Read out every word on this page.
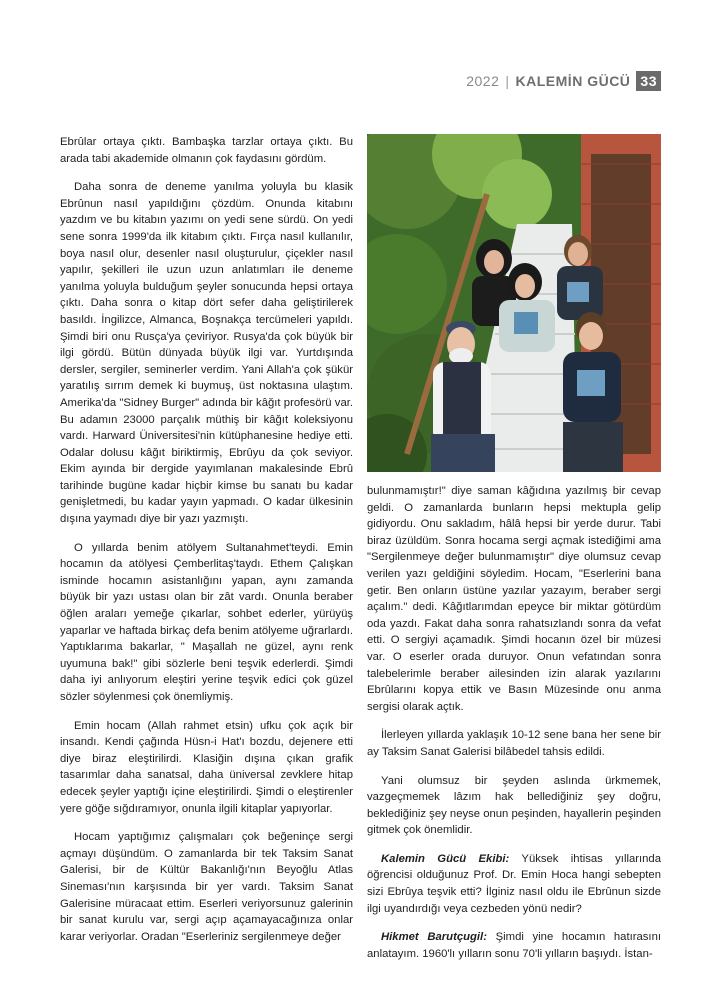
2022 | KALEMİN GÜCÜ 33

Ebrûlar ortaya çıktı. Bambaşka tarzlar ortaya çıktı. Bu arada tabi akademide olmanın çok faydasını gördüm.

Daha sonra de deneme yanılma yoluyla bu klasik Ebrûnun nasıl yapıldığını çözdüm. Onunda kitabını yazdım ve bu kitabın yazımı on yedi sene sürdü. On yedi sene sonra 1999'da ilk kitabım çıktı. Fırça nasıl kullanılır, boya nasıl olur, desenler nasıl oluşturulur, çiçekler nasıl yapılır, şekilleri ile uzun uzun anlatımları ile deneme yanılma yoluyla bulduğum şeyler sonucunda hepsi ortaya çıktı. Daha sonra o kitap dört sefer daha geliştirilerek basıldı. İngilizce, Almanca, Boşnakça tercümeleri yapıldı. Şimdi biri onu Rusça'ya çeviriyor. Rusya'da çok büyük bir ilgi gördü. Bütün dünyada büyük ilgi var. Yurtdışında dersler, sergiler, seminerler verdim. Yani Allah'a çok şükür yaratılış sırrım demek ki buymuş, üst noktasına ulaştım. Amerika'da "Sidney Burger" adında bir kâğıt profesörü var. Bu adamın 23000 parçalık müthiş bir kâğıt koleksiyonu vardı. Harward Üniversitesi'nin kütüphanesine hediye etti. Odalar dolusu kâğıt biriktirmiş, Ebrûyu da çok seviyor. Ekim ayında bir dergide yayımlanan makalesinde Ebrû tarihinde bugüne kadar hiçbir kimse bu sanatı bu kadar genişletmedi, bu kadar yayın yapmadı. O kadar ülkesinin dışına yaymadı diye bir yazı yazmıştı.

O yıllarda benim atölyem Sultanahmet'teydi. Emin hocamın da atölyesi Çemberlitaş'taydı. Ethem Çalışkan isminde hocamın asistanlığını yapan, aynı zamanda büyük bir yazı ustası olan bir zât vardı. Onunla beraber öğlen araları yemeğe çıkarlar, sohbet ederler, yürüyüş yaparlar ve haftada birkaç defa benim atölyeme uğrarlardı. Yaptıklarıma bakarlar, " Maşallah ne güzel, aynı renk uyumuna bak!" gibi sözlerle beni teşvik ederlerdi. Şimdi daha iyi anlıyorum eleştiri yerine teşvik edici çok güzel sözler söylenmesi çok önemliymiş.

Emin hocam (Allah rahmet etsin) ufku çok açık bir insandı. Kendi çağında Hüsn-i Hat'ı bozdu, dejenere etti diye biraz eleştirilirdi. Klasiğin dışına çıkan grafik tasarımlar daha sanatsal, daha üniversal zevklere hitap edecek şeyler yaptığı içine eleştirilirdi. Şimdi o eleştirenler yere göğe sığdıramıyor, onunla ilgili kitaplar yapıyorlar.

Hocam yaptığımız çalışmaları çok beğeninçe sergi açmayı düşündüm. O zamanlarda bir tek Taksim Sanat Galerisi, bir de Kültür Bakanlığı'nın Beyoğlu Atlas Sineması'nın karşısında bir yer vardı. Taksim Sanat Galerisine müracaat ettim. Eserleri veriyorsunuz galerinin bir sanat kurulu var, sergi açıp açamayacağınıza onlar karar veriyorlar. Oradan "Eserleriniz sergilenmeye değer

bulunmamıştır!" diye saman kâğıdına yazılmış bir cevap geldi. O zamanlarda bunların hepsi mektupla gelip gidiyordu. Onu sakladım, hâlâ hepsi bir yerde durur. Tabi biraz üzüldüm. Sonra hocama sergi açmak istediğimi ama "Sergilenmeye değer bulunmamıştır" diye olumsuz cevap verilen yazı geldiğini söyledim. Hocam, "Eserlerini bana getir. Ben onların üstüne yazılar yazayım, beraber sergi açalım." dedi. Kâğıtlarımdan epeyce bir miktar götürdüm oda yazdı. Fakat daha sonra rahatsızlandı sonra da vefat etti. O sergiyi açamadık. Şimdi hocanın özel bir müzesi var. O eserler orada duruyor. Onun vefatından sonra talebelerimle beraber ailesinden izin alarak yazılarını Ebrûlarını kopya ettik ve Basın Müzesinde onu anma sergisi olarak açtık.

İlerleyen yıllarda yaklaşık 10-12 sene bana her sene bir ay Taksim Sanat Galerisi bilâbedel tahsis edildi.

Yani olumsuz bir şeyden aslında ürkmemek, vazgeçmemek lâzım hak bellediğiniz şey doğru, beklediğiniz şey neyse onun peşinden, hayallerin peşinden gitmek çok önemlidir.

Kalemin Gücü Ekibi: Yüksek ihtisas yıllarında öğrencisi olduğunuz Prof. Dr. Emin Hoca hangi sebepten sizi Ebrûya teşvik etti? İlginiz nasıl oldu ile Ebrûnun sizde ilgi uyandırdığı veya cezbeden yönü nedir?

Hikmet Barutçugil: Şimdi yine hocamın hatırasını anlatayım. 1960'lı yılların sonu 70'li yılların başıydı. İstan-
